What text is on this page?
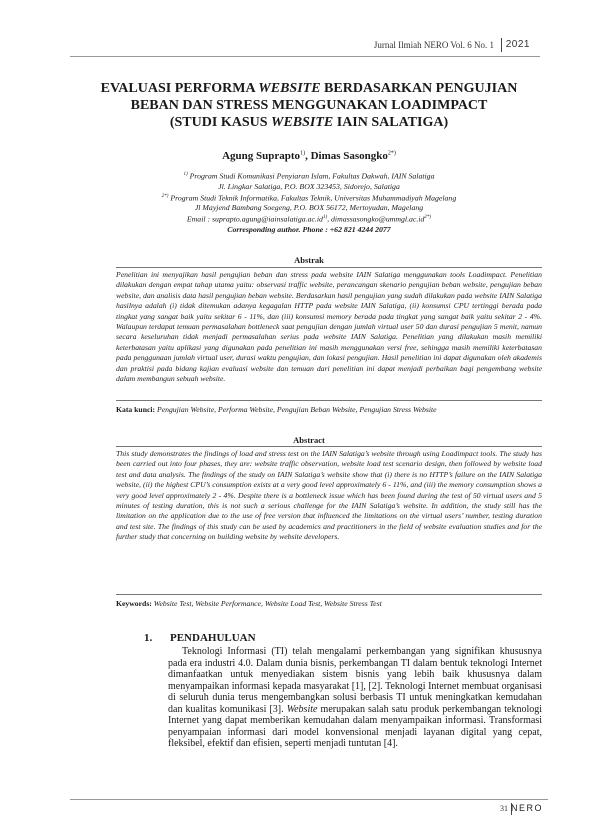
Jurnal Ilmiah NERO Vol. 6 No. 1 2021
EVALUASI PERFORMA WEBSITE BERDASARKAN PENGUJIAN
BEBAN DAN STRESS MENGGUNAKAN LOADIMPACT
(STUDI KASUS WEBSITE IAIN SALATIGA)
Agung Suprapto$^{1)}$, Dimas Sasongko$^{2*)}$
$^{1)}$ Program Studi Komunikasi Penyiaran Islam, Fakultas Dakwah, IAIN Salatiga
Jl. Lingkar Salatiga, P.O. BOX 323453, Sidorejo, Salatiga
$^{2*)}$ Program Studi Teknik Informatika, Fakultas Teknik, Universitas Muhammadiyah Magelang
Jl Mayjend Bambang Soegeng, P.O. BOX 56172, Mertoyudan, Magelang
Email : $suprapto.agung@iainsalatiga.ac.id^{1)}$, $dimassasongko@ummgl.ac.id^{2*)}$
Corresponding author. Phone : +62 821 4244 2077
Abstrak
Penelitian ini menyajikan hasil pengujian beban dan stress pada website IAIN Salatiga menggunakan tools Loadimpact. Penelitian dilakukan dengan empat tahap utama yaitu: observasi traffic website, perancangan skenario pengujian beban website, pengujian beban website, dan analisis data hasil pengujian beban website. Berdasarkan hasil pengujian yang sudah dilakukan pada website IAIN Salatiga hasilnya adalah (i) tidak ditemukan adanya kegagalan HTTP pada website IAIN Salatiga, (ii) konsumsi CPU tertinggi berada pada tingkat yang sangat baik yaitu sekitar 6 - 11%, dan (iii) konsumsi memory berada pada tingkat yang sangat baik yaitu sekitar 2 - 4%. Walaupun terdapat temuan permasalahan bottleneck saat pengujian dengan jumlah virtual user 50 dan durasi pengujian 5 menit, namun secara keseluruhan tidak menjadi permasalahan serius pada website IAIN Salatiga. Penelitian yang dilakukan masih memiliki keterbatasan yaitu aplikasi yang digunakan pada penelitian ini masih menggunakan versi free, sehingga masih memiliki keterbatasan pada penggunaan jumlah virtual user, durasi waktu pengujian, dan lokasi pengujian. Hasil penelitian ini dapat digunakan oleh akademis dan praktisi pada bidang kajian evaluasi website dan temuan dari penelitian ini dapat menjadi perbaikan bagi pengembang website dalam membangun sebuah website.
Kata kunci: Pengujian Website, Performa Website, Pengujian Beban Website, Pengujian Stress Website
Abstract
This study demonstrates the findings of load and stress test on the IAIN Salatiga’s website through using Loadimpact tools. The study has been carried out into four phases, they are: website traffic observation, website load test scenario design, then followed by website load test and data analysis. The findings of the study on IAIN Salatiga’s website show that (i) there is no HTTP’s failure on the IAIN Salatiga website, (ii) the highest CPU’s consumption exists at a very good level approximately 6 - 11%, and (iii) the memory consumption shows a very good level approximately 2 - 4%. Despite there is a bottleneck issue which has been found during the test of 50 virtual users and 5 minutes of testing duration, this is not such a serious challenge for the IAIN Salatiga’s website. In addition, the study still has the limitation on the application due to the use of free version that influenced the limitations on the virtual users’ number, testing duration and test site. The findings of this study can be used by academics and practitioners in the field of website evaluation studies and for the further study that concerning on building website by website developers.
Keywords: Website Test, Website Performance, Website Load Test, Website Stress Test
1. PENDAHULUAN
Teknologi Informasi (TI) telah mengalami perkembangan yang signifikan khususnya pada era industri 4.0. Dalam dunia bisnis, perkembangan TI dalam bentuk teknologi Internet dimanfaatkan untuk menyediakan sistem bisnis yang lebih baik khususnya dalam menyampaikan informasi kepada masyarakat [1], [2]. Teknologi Internet membuat organisasi di seluruh dunia terus mengembangkan solusi berbasis TI untuk meningkatkan kemudahan dan kualitas komunikasi [3]. Website merupakan salah satu produk perkembangan teknologi Internet yang dapat memberikan kemudahan dalam menyampaikan informasi. Transformasi penyampaian informasi dari model konvensional menjadi layanan digital yang cepat, fleksibel, efektif dan efisien, seperti menjadi tuntutan [4].
31 NERO
